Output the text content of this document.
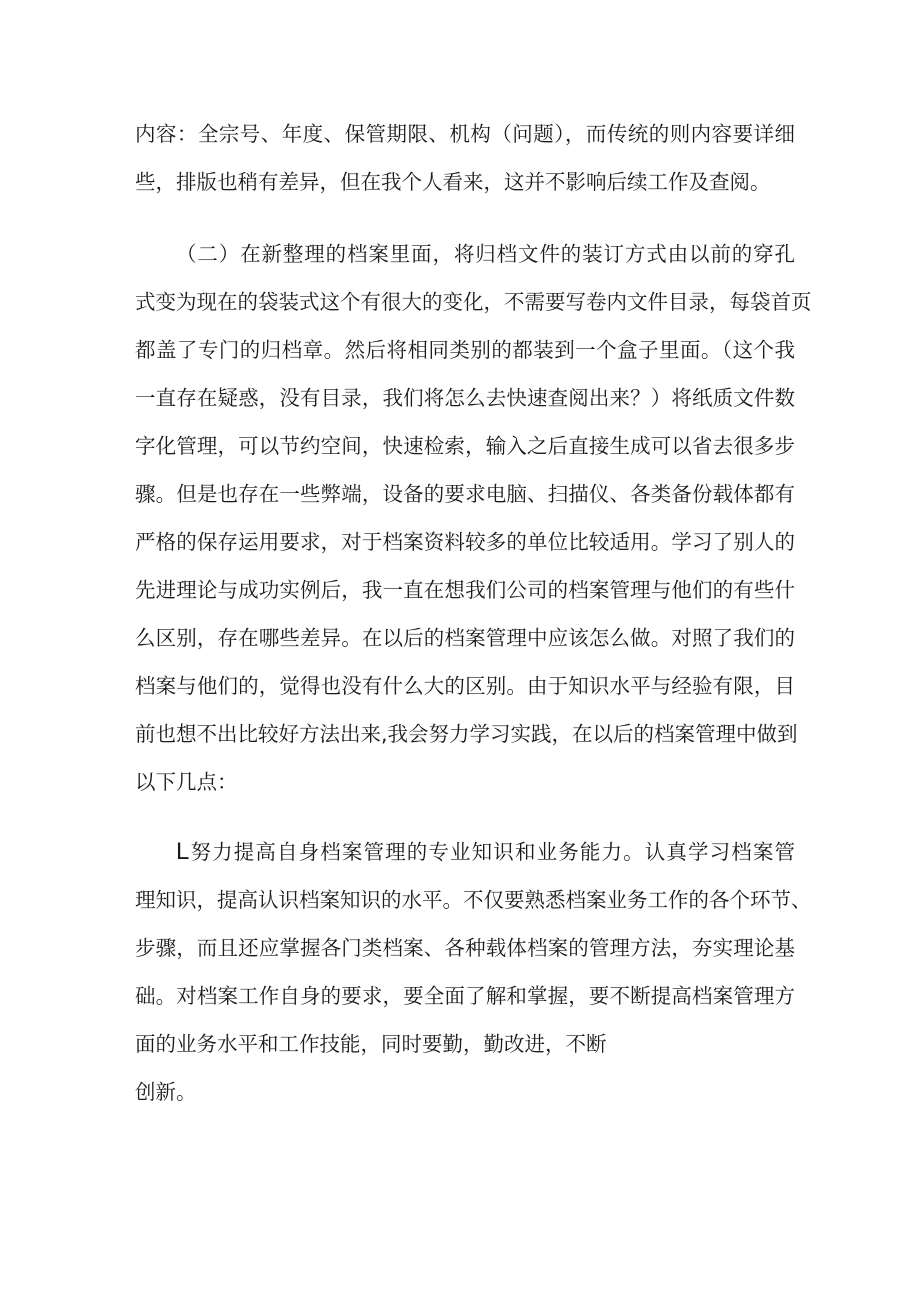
内容：全宗号、年度、保管期限、机构（问题），而传统的则内容要详细
些，排版也稍有差异，但在我个人看来，这并不影响后续工作及查阅。
（二）在新整理的档案里面，将归档文件的装订方式由以前的穿孔
式变为现在的袋装式这个有很大的变化，不需要写卷内文件目录，每袋首页
都盖了专门的归档章。然后将相同类别的都装到一个盒子里面。（这个我
一直存在疑惑，没有目录，我们将怎么去快速查阅出来？）将纸质文件数
字化管理，可以节约空间，快速检索，输入之后直接生成可以省去很多步
骤。但是也存在一些弊端，设备的要求电脑、扫描仪、各类备份载体都有
严格的保存运用要求，对于档案资料较多的单位比较适用。学习了别人的
先进理论与成功实例后，我一直在想我们公司的档案管理与他们的有些什
么区别，存在哪些差异。在以后的档案管理中应该怎么做。对照了我们的
档案与他们的，觉得也没有什么大的区别。由于知识水平与经验有限，目
前也想不出比较好方法出来,我会努力学习实践，在以后的档案管理中做到
以下几点：
L努力提高自身档案管理的专业知识和业务能力。认真学习档案管
理知识，提高认识档案知识的水平。不仅要熟悉档案业务工作的各个环节、
步骤，而且还应掌握各门类档案、各种载体档案的管理方法，夯实理论基
础。对档案工作自身的要求，要全面了解和掌握，要不断提高档案管理方
面的业务水平和工作技能，同时要勤，勤改进，不断
创新。
